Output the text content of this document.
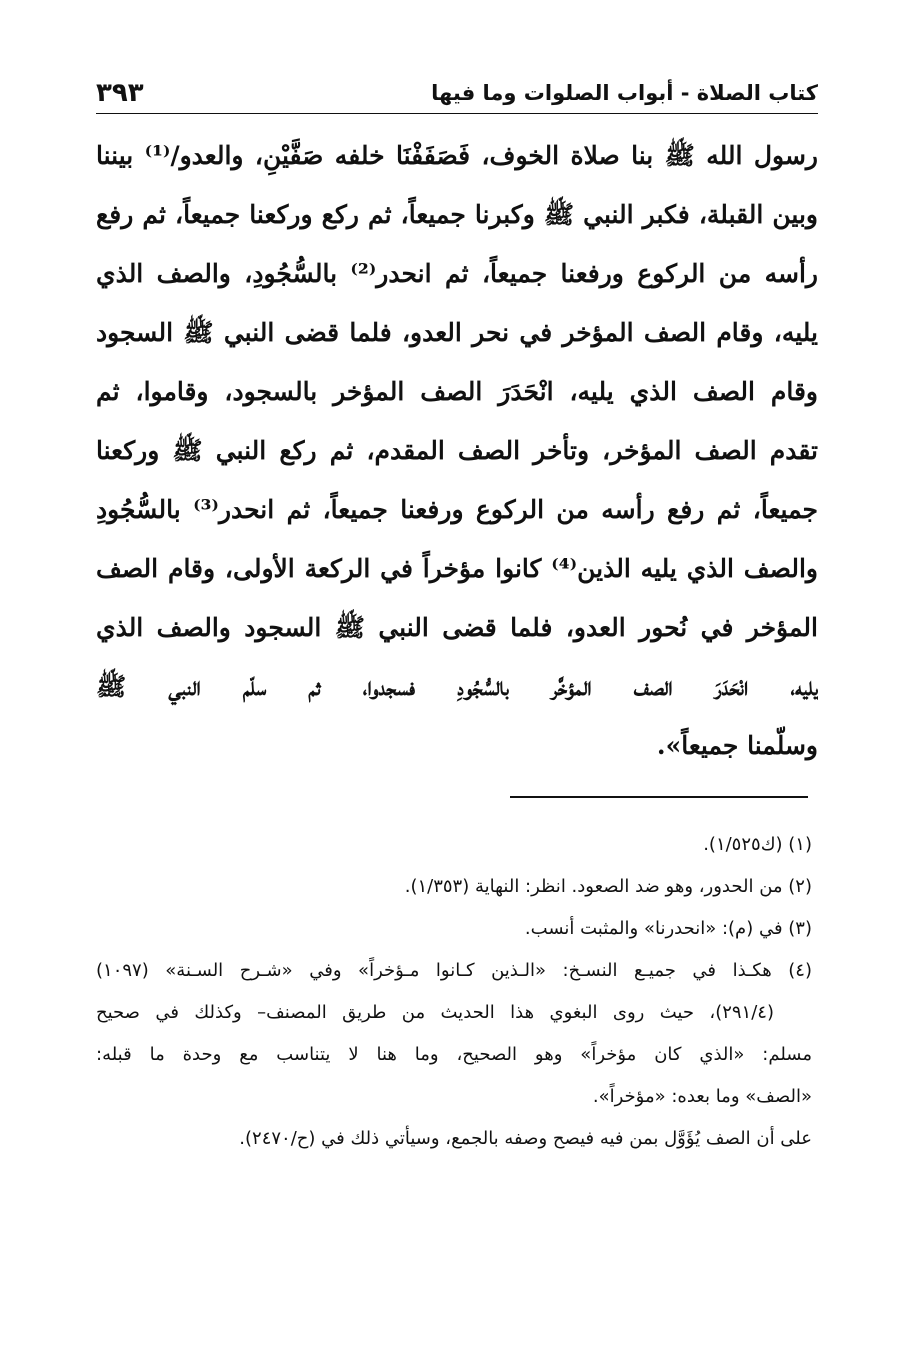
كتاب الصلاة - أبواب الصلوات وما فيها
٣٩٣
رسول الله ﷺ بنا صلاة الخوف، فَصَفَفْنَا خلفه صَفَّيْنِ، والعدو/⁽¹⁾ بيننا
وبين القبلة، فكبر النبي ﷺ وكبرنا جميعاً، ثم ركع وركعنا جميعاً، ثم رفع
رأسه من الركوع ورفعنا جميعاً، ثم انحدر⁽²⁾ بالسُّجُودِ، والصف الذي
يليه، وقام الصف المؤخر في نحر العدو، فلما قضى النبي ﷺ السجود
وقام الصف الذي يليه، انْحَدَرَ الصف المؤخر بالسجود، وقاموا، ثم
تقدم الصف المؤخر، وتأخر الصف المقدم، ثم ركع النبي ﷺ وركعنا
جميعاً، ثم رفع رأسه من الركوع ورفعنا جميعاً، ثم انحدر⁽³⁾ بالسُّجُودِ
والصف الذي يليه الذين⁽⁴⁾ كانوا مؤخراً في الركعة الأولى، وقام الصف
المؤخر في نُحور العدو، فلما قضى النبي ﷺ السجود والصف الذي
يليه، انْحَدَرَ الصف المؤخَّر بالسُّجُودِ فسجدوا، ثم سلّم النبي ﷺ
وسلّمنا جميعاً».
(١) (ك١/٥٢٥).
(٢) من الحدور، وهو ضد الصعود. انظر: النهاية (١/٣٥٣).
(٣) في (م): «انحدرنا» والمثبت أنسب.
(٤) هكـذا في جميـع النسـخ: «الـذين كـانوا مـؤخراً» وفي «شـرح السـنة» (١٠٩٧)
(٢٩١/٤)، حيث روى البغوي هذا الحديث من طريق المصنف– وكذلك في صحيح
مسلم: «الذي كان مؤخراً» وهو الصحيح، وما هنا لا يتناسب مع وحدة ما قبله:
«الصف» وما بعده: «مؤخراً».
على أن الصف يُؤَوَّل بمن فيه فيصح وصفه بالجمع، وسيأتي ذلك في (ح/٢٤٧٠).
